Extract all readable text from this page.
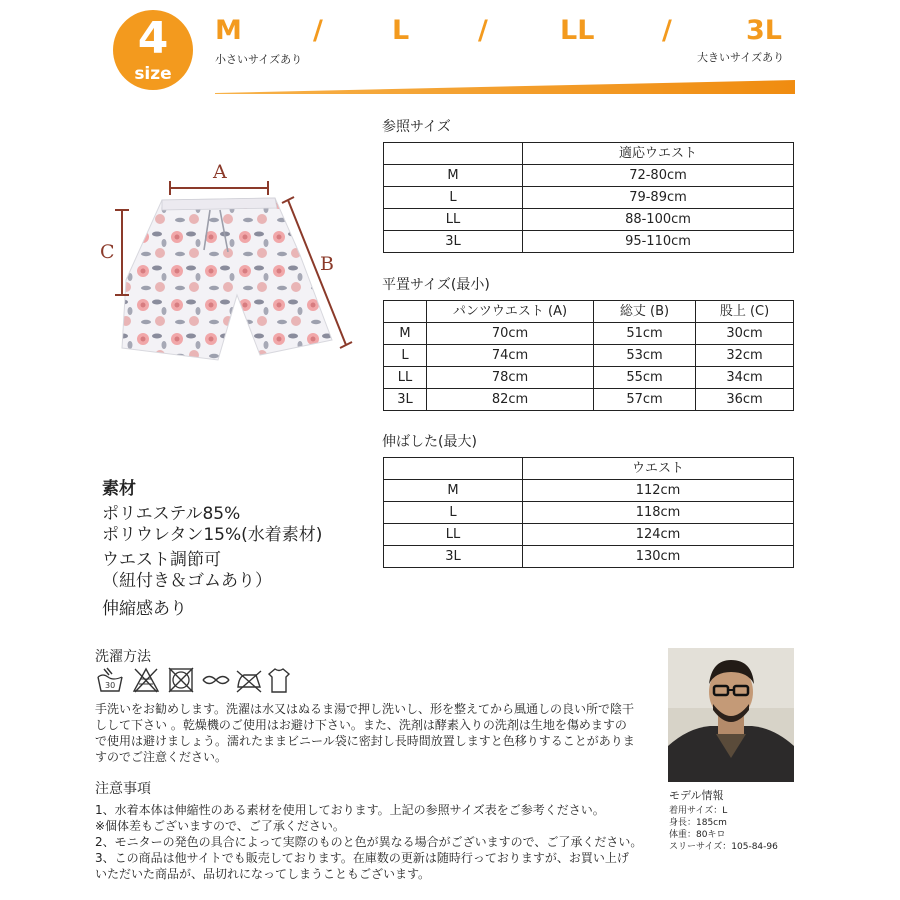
4
size
M	/	L	/	LL	/	3L
小さいサイズあり	大きいサイズあり
A
C
B
参照サイズ
	適応ウエスト
M	72-80cm
L	79-89cm
LL	88-100cm
3L	95-110cm
平置サイズ(最小)
	パンツウエスト (A)	総丈 (B)	股上 (C)
M	70cm	51cm	30cm
L	74cm	53cm	32cm
LL	78cm	55cm	34cm
3L	82cm	57cm	36cm
伸ばした(最大)
	ウエスト
M	112cm
L	118cm
LL	124cm
3L	130cm
素材
ポリエステル85%
ポリウレタン15%(水着素材)
ウエスト調節可
（紐付き＆ゴムあり）
伸縮感あり
洗濯方法
30
手洗いをお勧めします。洗濯は水又はぬるま湯で押し洗いし、形を整えてから風通しの良い所で陰干しして下さい 。乾燥機のご使用はお避け下さい。また、洗剤は酵素入りの洗剤は生地を傷めますので使用は避けましょう。濡れたままビニール袋に密封し長時間放置しますと色移りすることがありますのでご注意ください。
注意事項
1、水着本体は伸縮性のある素材を使用しております。上記の参照サイズ表をご参考ください。
※個体差もございますので、ご了承ください。
2、モニターの発色の具合によって実際のものと色が異なる場合がございますので、ご了承ください。
3、この商品は他サイトでも販売しております。在庫数の更新は随時行っておりますが、お買い上げいただいた商品が、品切れになってしまうこともございます。
モデル情報
着用サイズ：L
身長：185cm
体重：80キロ
スリーサイズ：105-84-96
